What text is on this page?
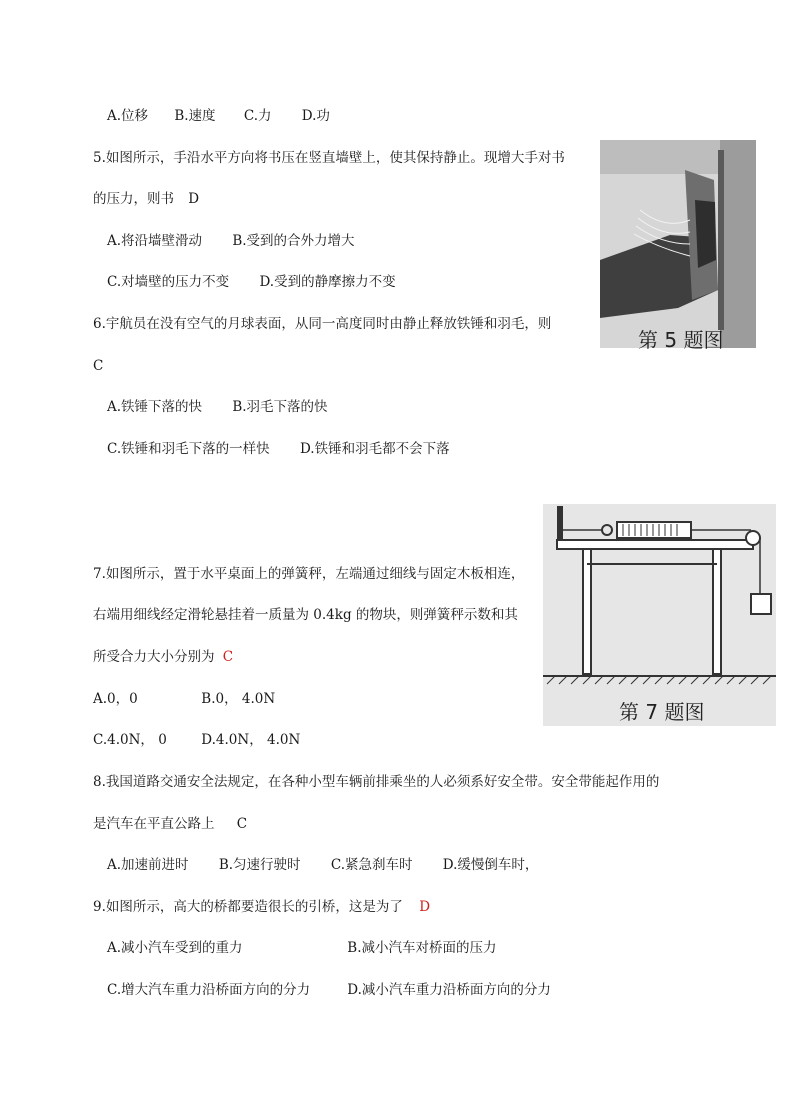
A.位移 B.速度 C.力 D.功
5.如图所示，手沿水平方向将书压在竖直墙壁上，使其保持静止。现增大手对书
的压力，则书 D
A.将沿墙壁滑动 B.受到的合外力增大
C.对墙壁的压力不变 D.受到的静摩擦力不变
第 5 题图
6.宇航员在没有空气的月球表面，从同一高度同时由静止释放铁锤和羽毛，则
C
A.铁锤下落的快 B.羽毛下落的快
C.铁锤和羽毛下落的一样快 D.铁锤和羽毛都不会下落
第 7 题图
7.如图所示，置于水平桌面上的弹簧秤，左端通过细线与固定木板相连，
右端用细线经定滑轮悬挂着一质量为 0.4kg 的物块，则弹簧秤示数和其
所受合力大小分别为 C
A.0，0	B.0， 4.0N
C.4.0N， 0	D.4.0N， 4.0N
8.我国道路交通安全法规定，在各种小型车辆前排乘坐的人必须系好安全带。安全带能起作用的
是汽车在平直公路上 C
A.加速前进时 B.匀速行驶时 C.紧急刹车时 D.缓慢倒车时，
9.如图所示，高大的桥都要造很长的引桥，这是为了 D
A.减小汽车受到的重力	B.减小汽车对桥面的压力
C.增大汽车重力沿桥面方向的分力	D.减小汽车重力沿桥面方向的分力
